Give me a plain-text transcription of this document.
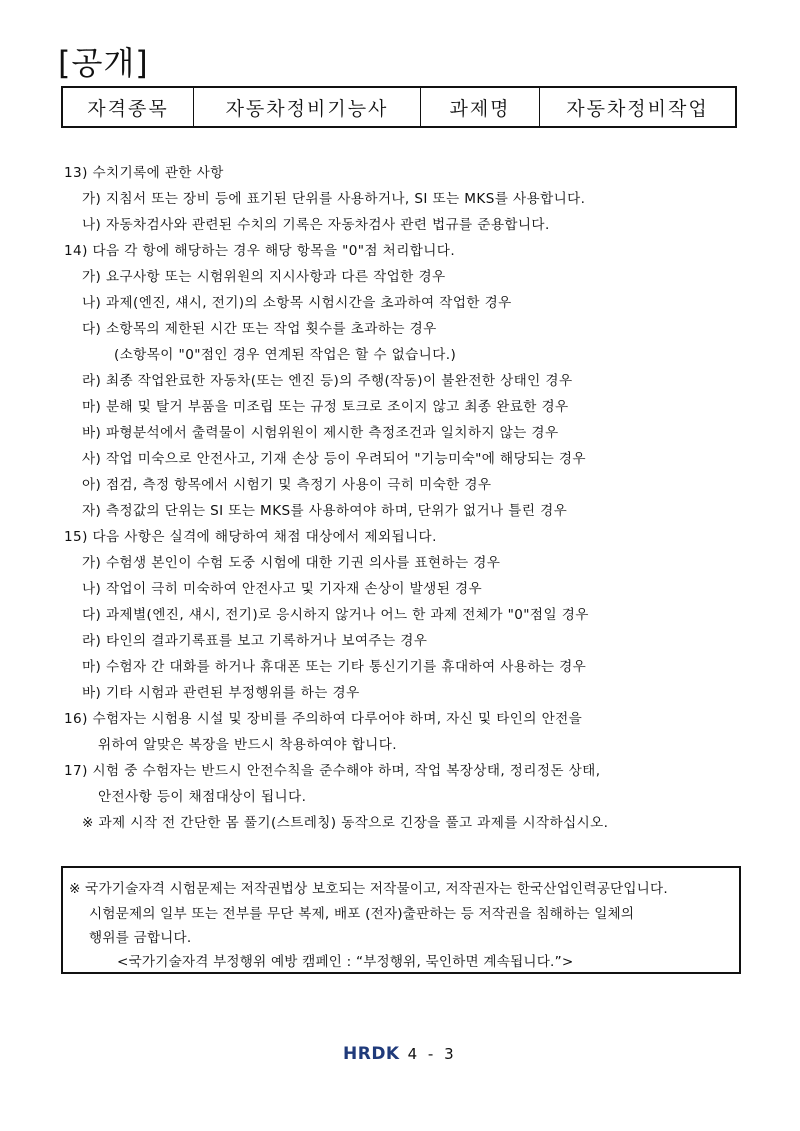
[공개]
자격종목	자동차정비기능사	과제명	자동차정비작업
13) 수치기록에 관한 사항
가) 지침서 또는 장비 등에 표기된 단위를 사용하거나, SI 또는 MKS를 사용합니다.
나) 자동차검사와 관련된 수치의 기록은 자동차검사 관련 법규를 준용합니다.
14) 다음 각 항에 해당하는 경우 해당 항목을 "0"점 처리합니다.
가) 요구사항 또는 시험위원의 지시사항과 다른 작업한 경우
나) 과제(엔진, 섀시, 전기)의 소항목 시험시간을 초과하여 작업한 경우
다) 소항목의 제한된 시간 또는 작업 횟수를 초과하는 경우
(소항목이 "0"점인 경우 연계된 작업은 할 수 없습니다.)
라) 최종 작업완료한 자동차(또는 엔진 등)의 주행(작동)이 불완전한 상태인 경우
마) 분해 및 탈거 부품을 미조립 또는 규정 토크로 조이지 않고 최종 완료한 경우
바) 파형분석에서 출력물이 시험위원이 제시한 측정조건과 일치하지 않는 경우
사) 작업 미숙으로 안전사고, 기재 손상 등이 우려되어 "기능미숙"에 해당되는 경우
아) 점검, 측정 항목에서 시험기 및 측정기 사용이 극히 미숙한 경우
자) 측정값의 단위는 SI 또는 MKS를 사용하여야 하며, 단위가 없거나 틀린 경우
15) 다음 사항은 실격에 해당하여 채점 대상에서 제외됩니다.
가) 수험생 본인이 수험 도중 시험에 대한 기권 의사를 표현하는 경우
나) 작업이 극히 미숙하여 안전사고 및 기자재 손상이 발생된 경우
다) 과제별(엔진, 섀시, 전기)로 응시하지 않거나 어느 한 과제 전체가 "0"점일 경우
라) 타인의 결과기록표를 보고 기록하거나 보여주는 경우
마) 수험자 간 대화를 하거나 휴대폰 또는 기타 통신기기를 휴대하여 사용하는 경우
바) 기타 시험과 관련된 부정행위를 하는 경우
16) 수험자는 시험용 시설 및 장비를 주의하여 다루어야 하며, 자신 및 타인의 안전을
위하여 알맞은 복장을 반드시 착용하여야 합니다.
17) 시험 중 수험자는 반드시 안전수칙을 준수해야 하며, 작업 복장상태, 정리정돈 상태,
안전사항 등이 채점대상이 됩니다.
※ 과제 시작 전 간단한 몸 풀기(스트레칭) 동작으로 긴장을 풀고 과제를 시작하십시오.
※ 국가기술자격 시험문제는 저작권법상 보호되는 저작물이고, 저작권자는 한국산업인력공단입니다.
시험문제의 일부 또는 전부를 무단 복제, 배포 (전자)출판하는 등 저작권을 침해하는 일체의
행위를 금합니다.
<국가기술자격 부정행위 예방 캠페인 : “부정행위, 묵인하면 계속됩니다.”>
HRDK 4 - 3
